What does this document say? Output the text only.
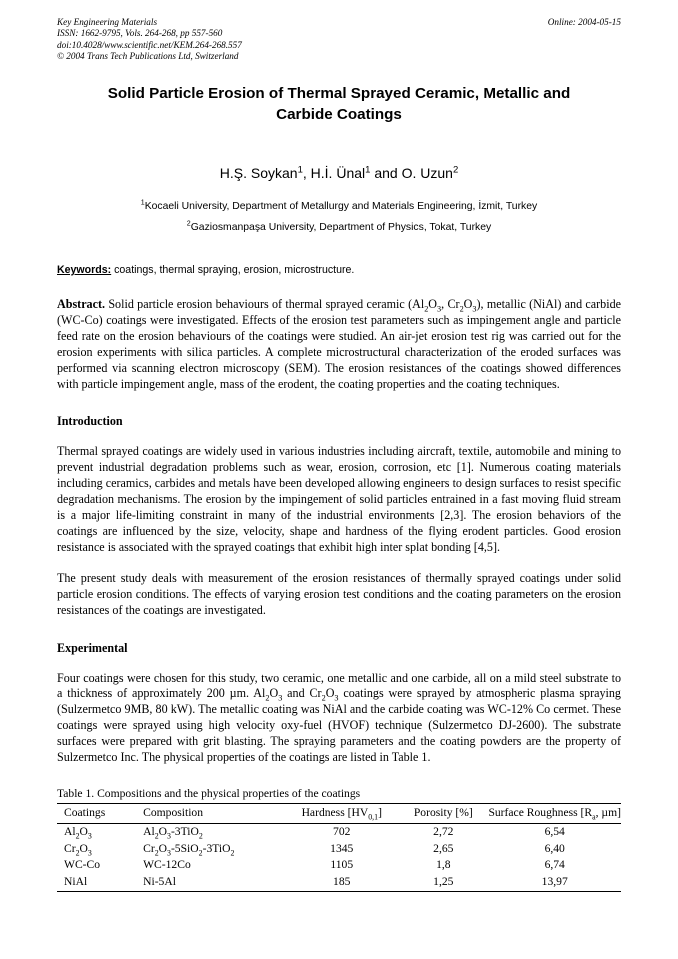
Key Engineering Materials
ISSN: 1662-9795, Vols. 264-268, pp 557-560
doi:10.4028/www.scientific.net/KEM.264-268.557
© 2004 Trans Tech Publications Ltd, Switzerland
Online: 2004-05-15
Solid Particle Erosion of Thermal Sprayed Ceramic, Metallic and Carbide Coatings
H.Ş. Soykan$^1$, H.İ. Ünal$^1$ and O. Uzun$^2$
$^1$Kocaeli University, Department of Metallurgy and Materials Engineering, İzmit, Turkey
$^2$Gaziosmanpaşa University, Department of Physics, Tokat, Turkey
Keywords: coatings, thermal spraying, erosion, microstructure.
Abstract. Solid particle erosion behaviours of thermal sprayed ceramic ($Al_2O_3$, $Cr_2O_3$), metallic (NiAl) and carbide (WC-Co) coatings were investigated. Effects of the erosion test parameters such as impingement angle and particle feed rate on the erosion behaviours of the coatings were studied. An air-jet erosion test rig was carried out for the erosion experiments with silica particles. A complete microstructural characterization of the eroded surfaces was performed via scanning electron microscopy (SEM). The erosion resistances of the coatings showed differences with particle impingement angle, mass of the erodent, the coating properties and the coating techniques.
Introduction
Thermal sprayed coatings are widely used in various industries including aircraft, textile, automobile and mining to prevent industrial degradation problems such as wear, erosion, corrosion, etc [1]. Numerous coating materials including ceramics, carbides and metals have been developed allowing engineers to design surfaces to resist specific degradation mechanisms. The erosion by the impingement of solid particles entrained in a fast moving fluid stream is a major life-limiting constraint in many of the industrial environments [2,3]. The erosion behaviors of the coatings are influenced by the size, velocity, shape and hardness of the flying erodent particles. Good erosion resistance is associated with the sprayed coatings that exhibit high inter splat bonding [4,5].
The present study deals with measurement of the erosion resistances of thermally sprayed coatings under solid particle erosion conditions. The effects of varying erosion test conditions and the coating parameters on the erosion resistances of the coatings are investigated.
Experimental
Four coatings were chosen for this study, two ceramic, one metallic and one carbide, all on a mild steel substrate to a thickness of approximately 200 µm. $Al_2O_3$ and $Cr_2O_3$ coatings were sprayed by atmospheric plasma spraying (Sulzermetco 9MB, 80 kW). The metallic coating was NiAl and the carbide coating was WC-12% Co cermet. These coatings were sprayed using high velocity oxy-fuel (HVOF) technique (Sulzermetco DJ-2600). The substrate surfaces were prepared with grit blasting. The spraying parameters and the coating powders are the property of Sulzermetco Inc. The physical properties of the coatings are listed in Table 1.
Table 1. Compositions and the physical properties of the coatings
Coatings	Composition	Hardness $[HV_{0,1}]$	Porosity [%]	Surface Roughness [$R_a$, µm]
$Al_2O_3$	$Al_2O_3-3TiO_2$	702	2,72	6,54
$Cr_2O_3$	$Cr_2O_3-5SiO_2-3TiO_2$	1345	2,65	6,40
WC-Co	WC-12Co	1105	1,8	6,74
NiAl	Ni-5Al	185	1,25	13,97
